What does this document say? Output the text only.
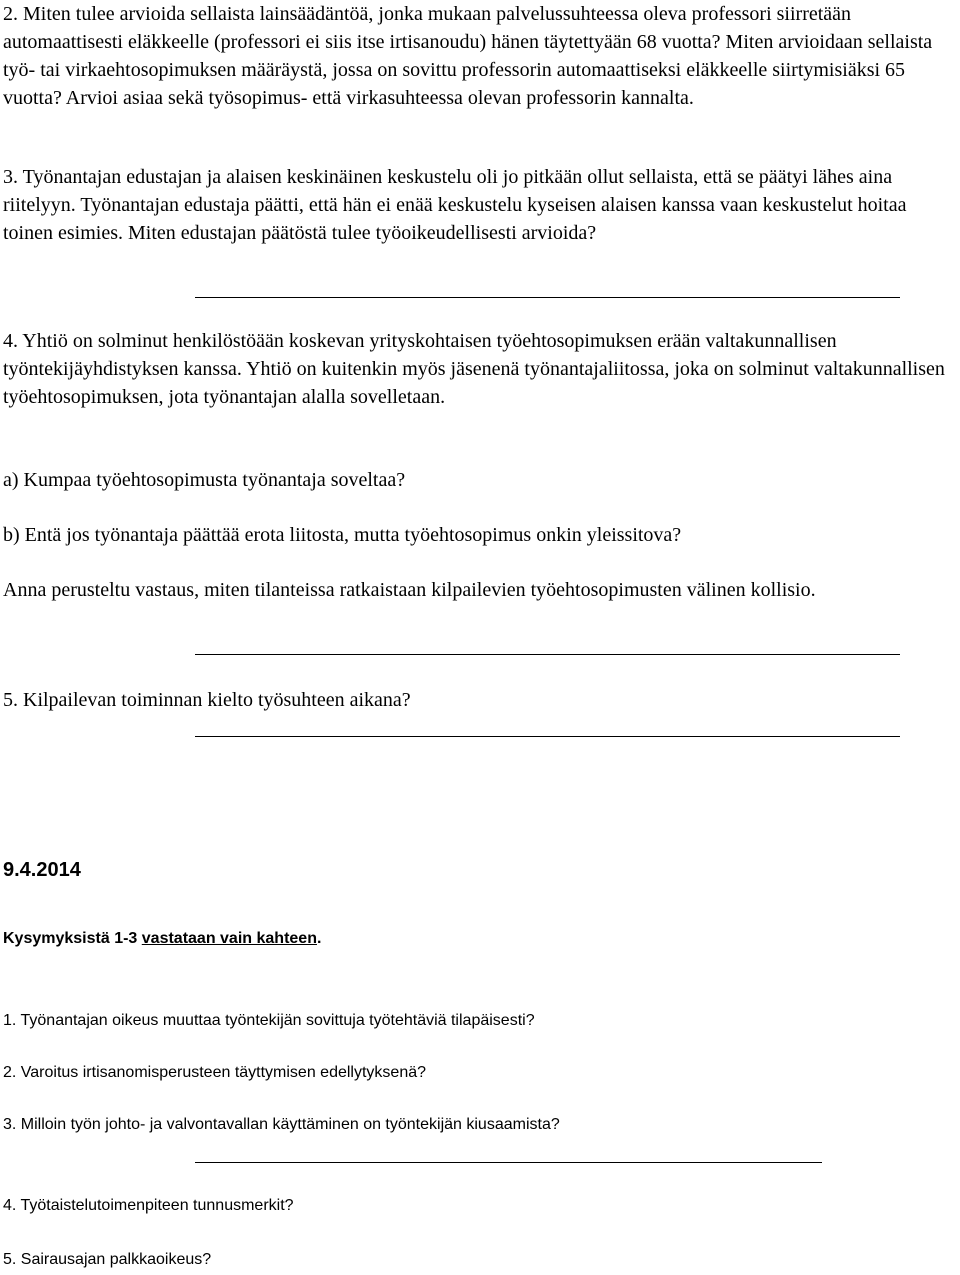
2. Miten tulee arvioida sellaista lainsäädäntöä, jonka mukaan palvelussuhteessa oleva professori siirretään automaattisesti eläkkeelle (professori ei siis itse irtisanoudu) hänen täytettyään 68 vuotta? Miten arvioidaan sellaista työ- tai virkaehtosopimuksen määräystä, jossa on sovittu professorin automaattiseksi eläkkeelle siirtymisiäksi 65 vuotta? Arvioi asiaa sekä työsopimus- että virkasuhteessa olevan professorin kannalta.

3. Työnantajan edustajan ja alaisen keskinäinen keskustelu oli jo pitkään ollut sellaista, että se päätyi lähes aina riitelyyn. Työnantajan edustaja päätti, että hän ei enää keskustelu kyseisen alaisen kanssa vaan keskustelut hoitaa toinen esimies. Miten edustajan päätöstä tulee työoikeudellisesti arvioida?

4. Yhtiö on solminut henkilöstöään koskevan yrityskohtaisen työehtosopimuksen erään valtakunnallisen työntekijäyhdistyksen kanssa. Yhtiö on kuitenkin myös jäsenenä työnantajaliitossa, joka on solminut valtakunnallisen työehtosopimuksen, jota työnantajan alalla sovelletaan.

a) Kumpaa työehtosopimusta työnantaja soveltaa?

b) Entä jos työnantaja päättää erota liitosta, mutta työehtosopimus onkin yleissitova?

Anna perusteltu vastaus, miten tilanteissa ratkaistaan kilpailevien työehtosopimusten välinen kollisio.

5. Kilpailevan toiminnan kielto työsuhteen aikana?

9.4.2014

Kysymyksistä 1-3 vastataan vain kahteen.

1. Työnantajan oikeus muuttaa työntekijän sovittuja työtehtäviä tilapäisesti?

2. Varoitus irtisanomisperusteen täyttymisen edellytyksenä?

3. Milloin työn johto- ja valvontavallan käyttäminen on työntekijän kiusaamista?

4. Työtaistelutoimenpiteen tunnusmerkit?

5. Sairausajan palkkaoikeus?
